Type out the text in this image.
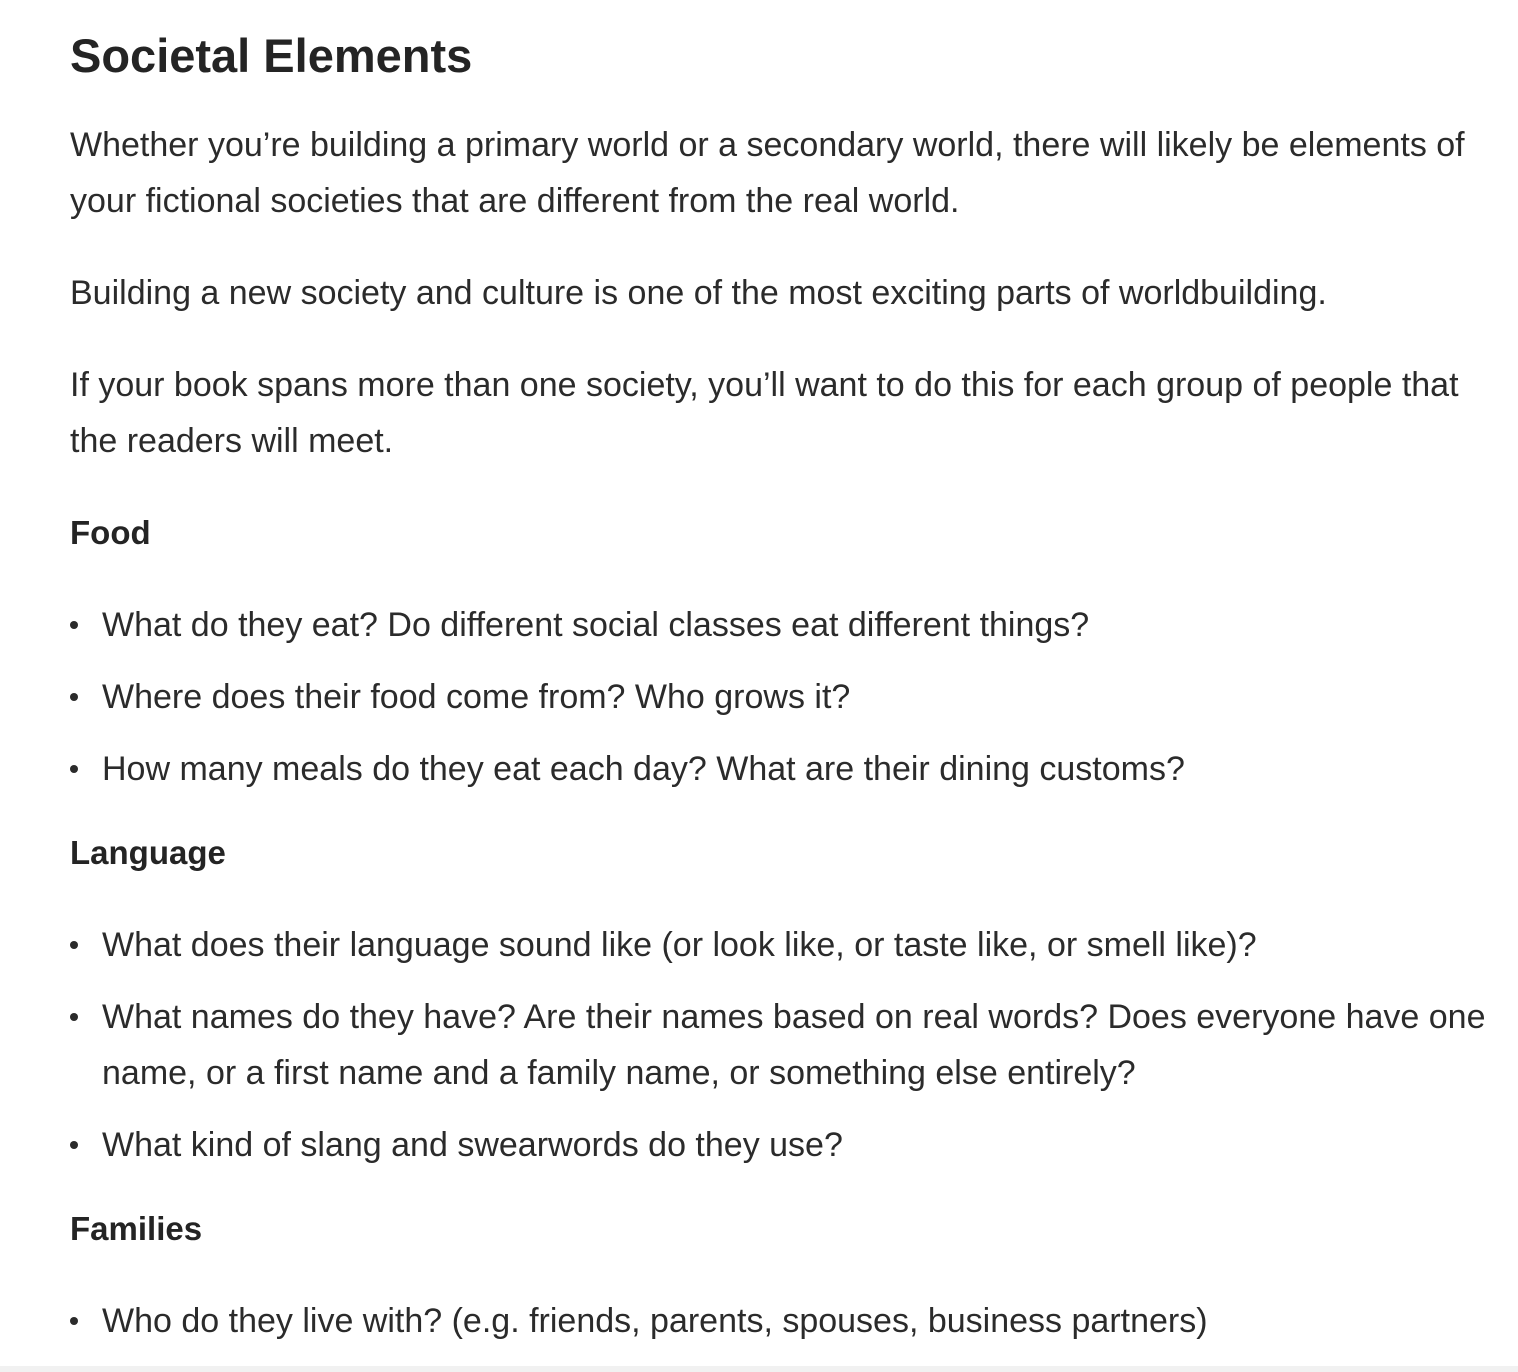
Societal Elements

Whether you’re building a primary world or a secondary world, there will likely be elements of your fictional societies that are different from the real world.

Building a new society and culture is one of the most exciting parts of worldbuilding.

If your book spans more than one society, you’ll want to do this for each group of people that the readers will meet.

Food
What do they eat? Do different social classes eat different things?
Where does their food come from? Who grows it?
How many meals do they eat each day? What are their dining customs?
Language
What does their language sound like (or look like, or taste like, or smell like)?
What names do they have? Are their names based on real words? Does everyone have one name, or a first name and a family name, or something else entirely?
What kind of slang and swearwords do they use?
Families
Who do they live with? (e.g. friends, parents, spouses, business partners)
